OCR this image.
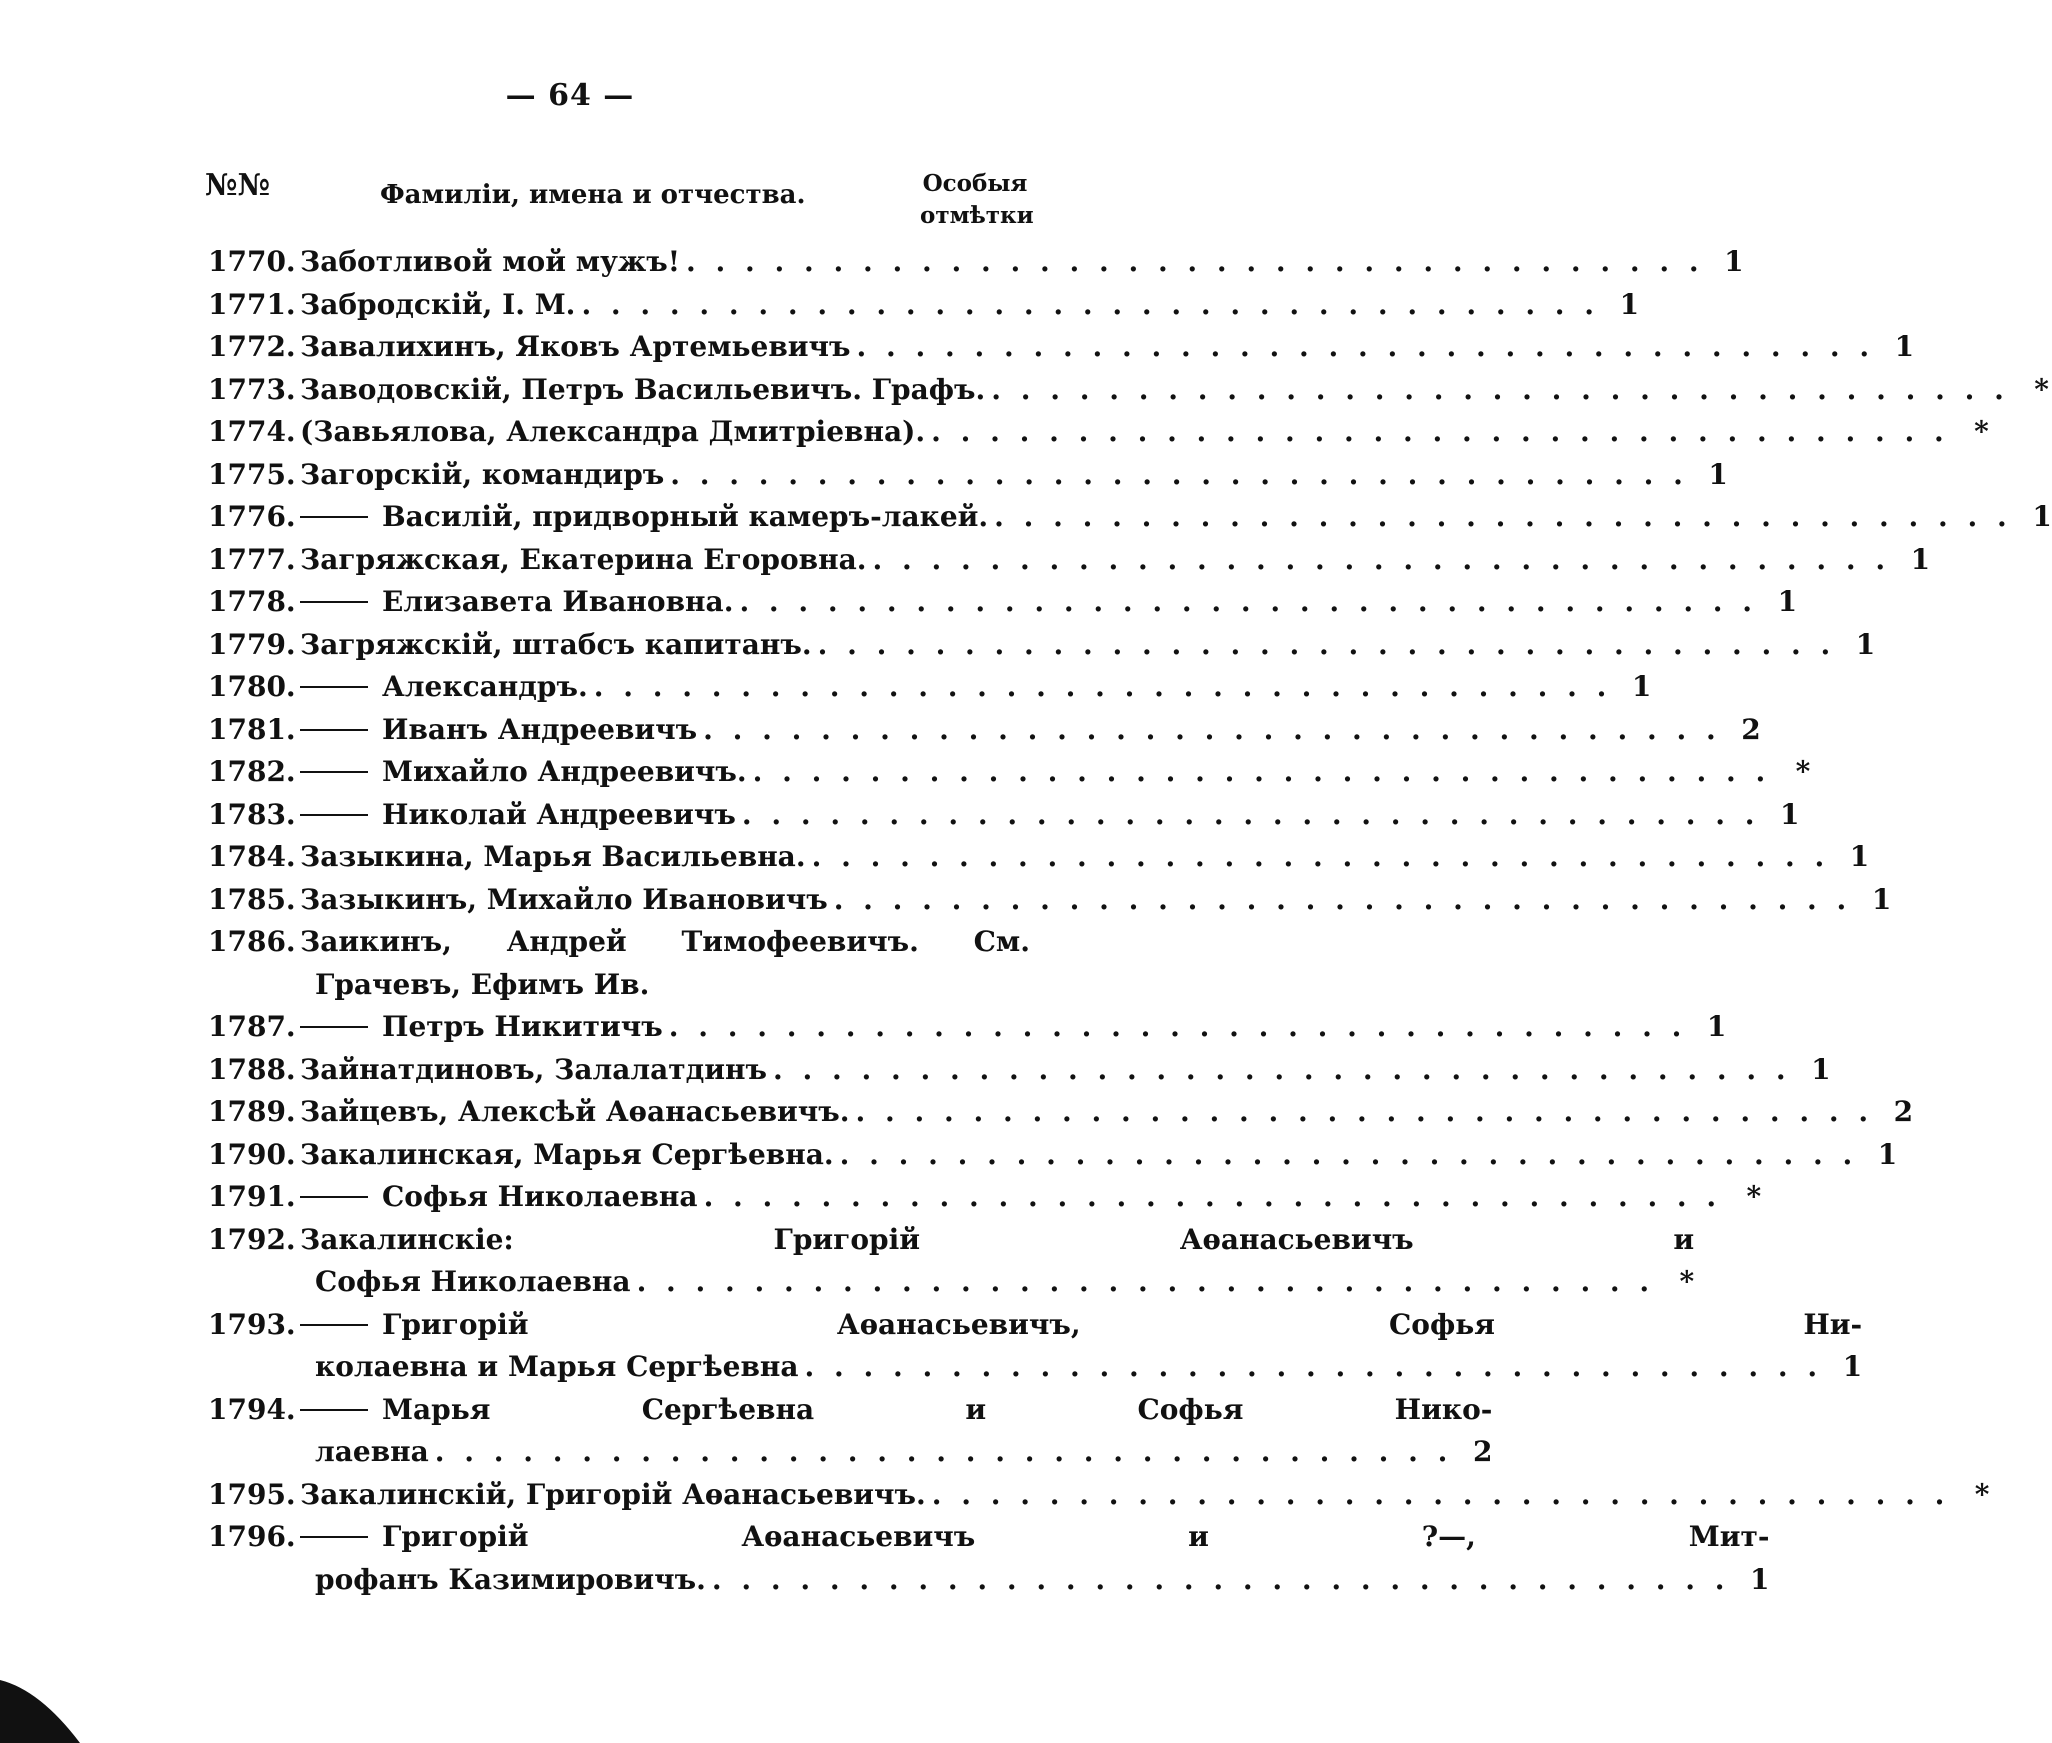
— 64 —
№№	Фамиліи, имена и отчества.	Особыя
отмѣтки
1770. Заботливой мой мужъ! . . . . . . . . . . . . . . . . . . . . . . . . . . . . . . . . . . . 1
1771. Забродскій, І. М. . . . . . . . . . . . . . . . . . . . . . . . . . . . . . . . . . . . 1
1772. Завалихинъ, Яковъ Артемьевичъ . . . . . . . . . . . . . . . . . . . . . . . . . . . . . . . . . . . 1
1773. Заводовскій, Петръ Васильевичъ. Графъ. . . . . . . . . . . . . . . . . . . . . . . . . . . . . . . . . . . . *
1774. (Завьялова, Александра Дмитріевна). . . . . . . . . . . . . . . . . . . . . . . . . . . . . . . . . . . . *
1775. Загорскій, командиръ . . . . . . . . . . . . . . . . . . . . . . . . . . . . . . . . . . . 1
1776.	Василій, придворный камеръ-лакей. . . . . . . . . . . . . . . . . . . . . . . . . . . . . . . . . . . . 1
1777. Загряжская, Екатерина Егоровна. . . . . . . . . . . . . . . . . . . . . . . . . . . . . . . . . . . . 1
1778.	Елизавета Ивановна. . . . . . . . . . . . . . . . . . . . . . . . . . . . . . . . . . . . 1
1779. Загряжскій, штабсъ капитанъ. . . . . . . . . . . . . . . . . . . . . . . . . . . . . . . . . . . . 1
1780.	Александръ. . . . . . . . . . . . . . . . . . . . . . . . . . . . . . . . . . . . 1
1781.	Иванъ Андреевичъ . . . . . . . . . . . . . . . . . . . . . . . . . . . . . . . . . . . 2
1782.	Михайло Андреевичъ. . . . . . . . . . . . . . . . . . . . . . . . . . . . . . . . . . . . *
1783.	Николай Андреевичъ . . . . . . . . . . . . . . . . . . . . . . . . . . . . . . . . . . . 1
1784. Зазыкина, Марья Васильевна. . . . . . . . . . . . . . . . . . . . . . . . . . . . . . . . . . . . 1
1785. Зазыкинъ, Михайло Ивановичъ . . . . . . . . . . . . . . . . . . . . . . . . . . . . . . . . . . . 1
1786. Заикинъ, Андрей Тимофеевичъ. См.
Грачевъ, Ефимъ Ив.
1787.	Петръ Никитичъ . . . . . . . . . . . . . . . . . . . . . . . . . . . . . . . . . . . 1
1788. Зайнатдиновъ, Залалатдинъ . . . . . . . . . . . . . . . . . . . . . . . . . . . . . . . . . . . 1
1789. Зайцевъ, Алексѣй Аѳанасьевичъ. . . . . . . . . . . . . . . . . . . . . . . . . . . . . . . . . . . . 2
1790. Закалинская, Марья Сергѣевна. . . . . . . . . . . . . . . . . . . . . . . . . . . . . . . . . . . . 1
1791.	Софья Николаевна . . . . . . . . . . . . . . . . . . . . . . . . . . . . . . . . . . . *
1792. Закалинскіе: Григорій Аѳанасьевичъ и
Софья Николаевна . . . . . . . . . . . . . . . . . . . . . . . . . . . . . . . . . . . *
1793.	Григорій Аѳанасьевичъ, Софья Ни-
колаевна и Марья Сергѣевна . . . . . . . . . . . . . . . . . . . . . . . . . . . . . . . . . . . 1
1794.	Марья Сергѣевна и Софья Нико-
лаевна . . . . . . . . . . . . . . . . . . . . . . . . . . . . . . . . . . . 2
1795. Закалинскій, Григорій Аѳанасьевичъ. . . . . . . . . . . . . . . . . . . . . . . . . . . . . . . . . . . . *
1796.	Григорій Аѳанасьевичъ и ?—, Мит-
рофанъ Казимировичъ. . . . . . . . . . . . . . . . . . . . . . . . . . . . . . . . . . . . 1
